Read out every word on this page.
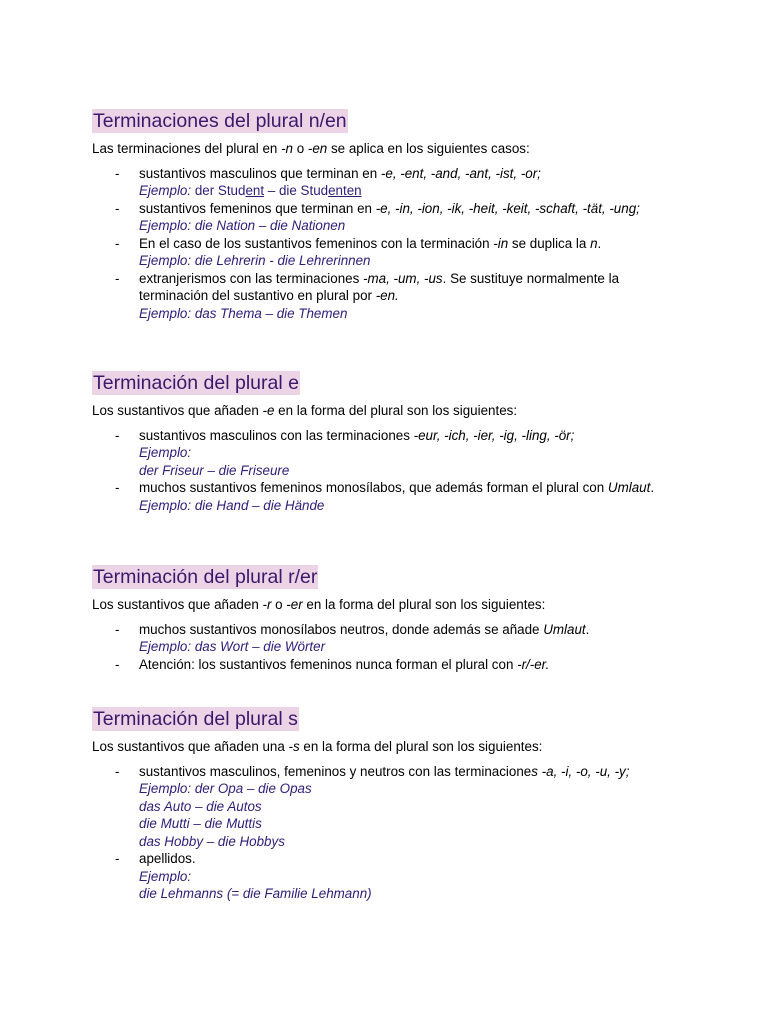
Terminaciones del plural n/en

Las terminaciones del plural en -n o -en se aplica en los siguientes casos:

- sustantivos masculinos que terminan en -e, -ent, -and, -ant, -ist, -or;
Ejemplo: der Student – die Studenten
- sustantivos femeninos que terminan en -e, -in, -ion, -ik, -heit, -keit, -schaft, -tät, -ung;
Ejemplo: die Nation – die Nationen
- En el caso de los sustantivos femeninos con la terminación -in se duplica la n.
Ejemplo: die Lehrerin - die Lehrerinnen
- extranjerismos con las terminaciones -ma, -um, -us. Se sustituye normalmente la terminación del sustantivo en plural por -en.
Ejemplo: das Thema – die Themen
Terminación del plural e

Los sustantivos que añaden -e en la forma del plural son los siguientes:

- sustantivos masculinos con las terminaciones -eur, -ich, -ier, -ig, -ling, -ör;
Ejemplo:
der Friseur – die Friseure
- muchos sustantivos femeninos monosílabos, que además forman el plural con Umlaut.
Ejemplo: die Hand – die Hände
Terminación del plural r/er

Los sustantivos que añaden -r o -er en la forma del plural son los siguientes:

- muchos sustantivos monosílabos neutros, donde además se añade Umlaut.
Ejemplo: das Wort – die Wörter
- Atención: los sustantivos femeninos nunca forman el plural con -r/-er.
Terminación del plural s

Los sustantivos que añaden una -s en la forma del plural son los siguientes:

- sustantivos masculinos, femeninos y neutros con las terminaciones -a, -i, -o, -u, -y;
Ejemplo: der Opa – die Opas
das Auto – die Autos
die Mutti – die Muttis
das Hobby – die Hobbys
- apellidos.
Ejemplo:
die Lehmanns (= die Familie Lehmann)
